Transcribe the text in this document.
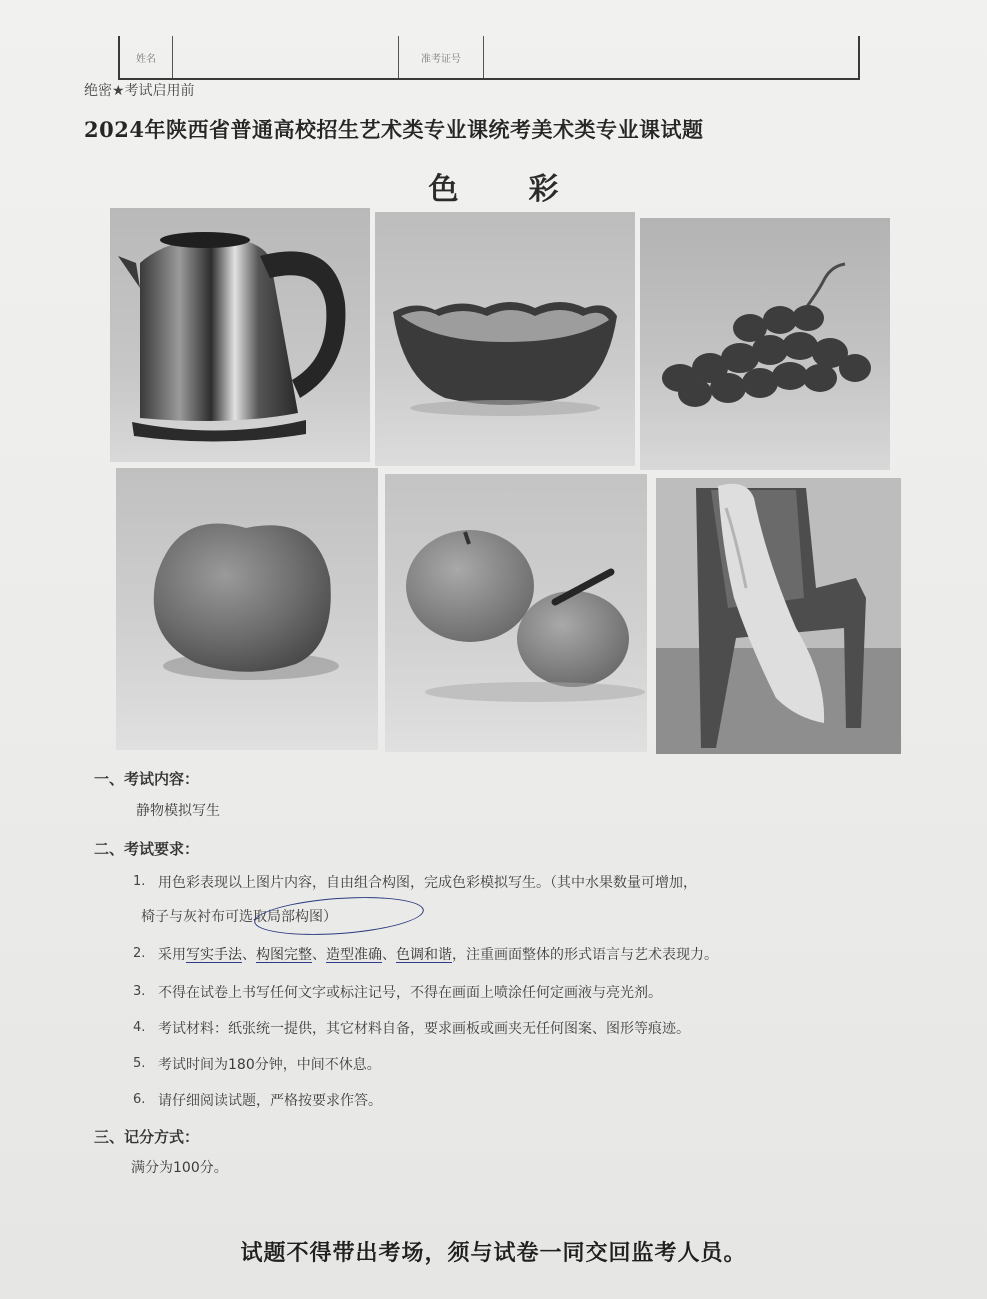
姓名	准考证号
绝密★考试启用前
2024年陕西省普通高校招生艺术类专业课统考美术类专业课试题
色彩
一、考试内容：
静物模拟写生
二、考试要求：
1. 用色彩表现以上图片内容，自由组合构图，完成色彩模拟写生。（其中水果数量可增加，
椅子与灰衬布可选取局部构图）
2. 采用写实手法、构图完整、造型准确、色调和谐，注重画面整体的形式语言与艺术表现力。
3. 不得在试卷上书写任何文字或标注记号，不得在画面上喷涂任何定画液与亮光剂。
4. 考试材料：纸张统一提供，其它材料自备，要求画板或画夹无任何图案、图形等痕迹。
5. 考试时间为180分钟，中间不休息。
6. 请仔细阅读试题，严格按要求作答。
三、记分方式：
满分为100分。
试题不得带出考场，须与试卷一同交回监考人员。
